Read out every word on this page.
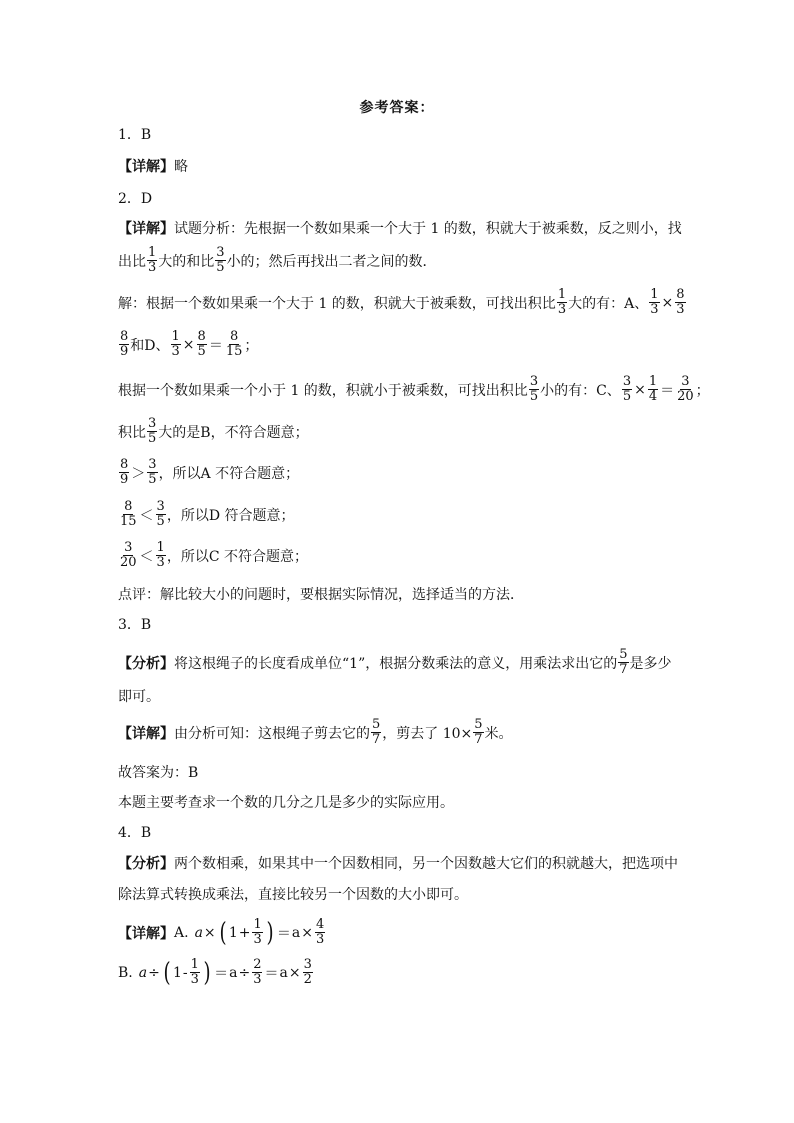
参考答案：
1．B
【详解】 略
2．D
【详解】 试题分析：先根据一个数如果乘一个大于 1 的数，积就大于被乘数，反之则小，找
出比 $\frac{1}{3}$ 大的和比 $\frac{3}{5}$ 小的；然后再找出二者之间的数．
解：根据一个数如果乘一个大于 1 的数，积就大于被乘数，可找出积比 $\frac{1}{3}$ 大的有：A、 $\frac{1}{3} \times \frac{8}{3}$
$\frac{8}{9}$ 和D、 $\frac{1}{3} \times \frac{8}{5} = \frac{8}{15}$ ；
根据一个数如果乘一个小于 1 的数，积就小于被乘数，可找出积比 $\frac{3}{5}$ 小的有：C、 $\frac{3}{5} \times \frac{1}{4} = \frac{3}{20}$ ；
积比 $\frac{3}{5}$ 大的是B，不符合题意；
$\frac{8}{9} > \frac{3}{5}$ ，所以A 不符合题意；
$\frac{8}{15} < \frac{3}{5}$ ，所以D 符合题意；
$\frac{3}{20} < \frac{1}{3}$ ，所以C 不符合题意；
点评：解比较大小的问题时，要根据实际情况，选择适当的方法．
3．B
【分析】 将这根绳子的长度看成单位“1”，根据分数乘法的意义，用乘法求出它的 $\frac{5}{7}$ 是多少
即可。
【详解】 由分析可知：这根绳子剪去它的 $\frac{5}{7}$ ，剪去了 $10\times \frac{5}{7}$ 米。
故答案为：B
本题主要考查求一个数的几分之几是多少的实际应用。
4．B
【分析】 两个数相乘，如果其中一个因数相同，另一个因数越大它们的积就越大，把选项中
除法算式转换成乘法，直接比较另一个因数的大小即可。
【详解】 A. a × ( $1 + \frac{1}{3}$ ) ＝ $a \times \frac{4}{3}$
B. a ÷ ( $1 - \frac{1}{3}$ ) ＝ $a \div \frac{2}{3} = a \times \frac{3}{2}$
